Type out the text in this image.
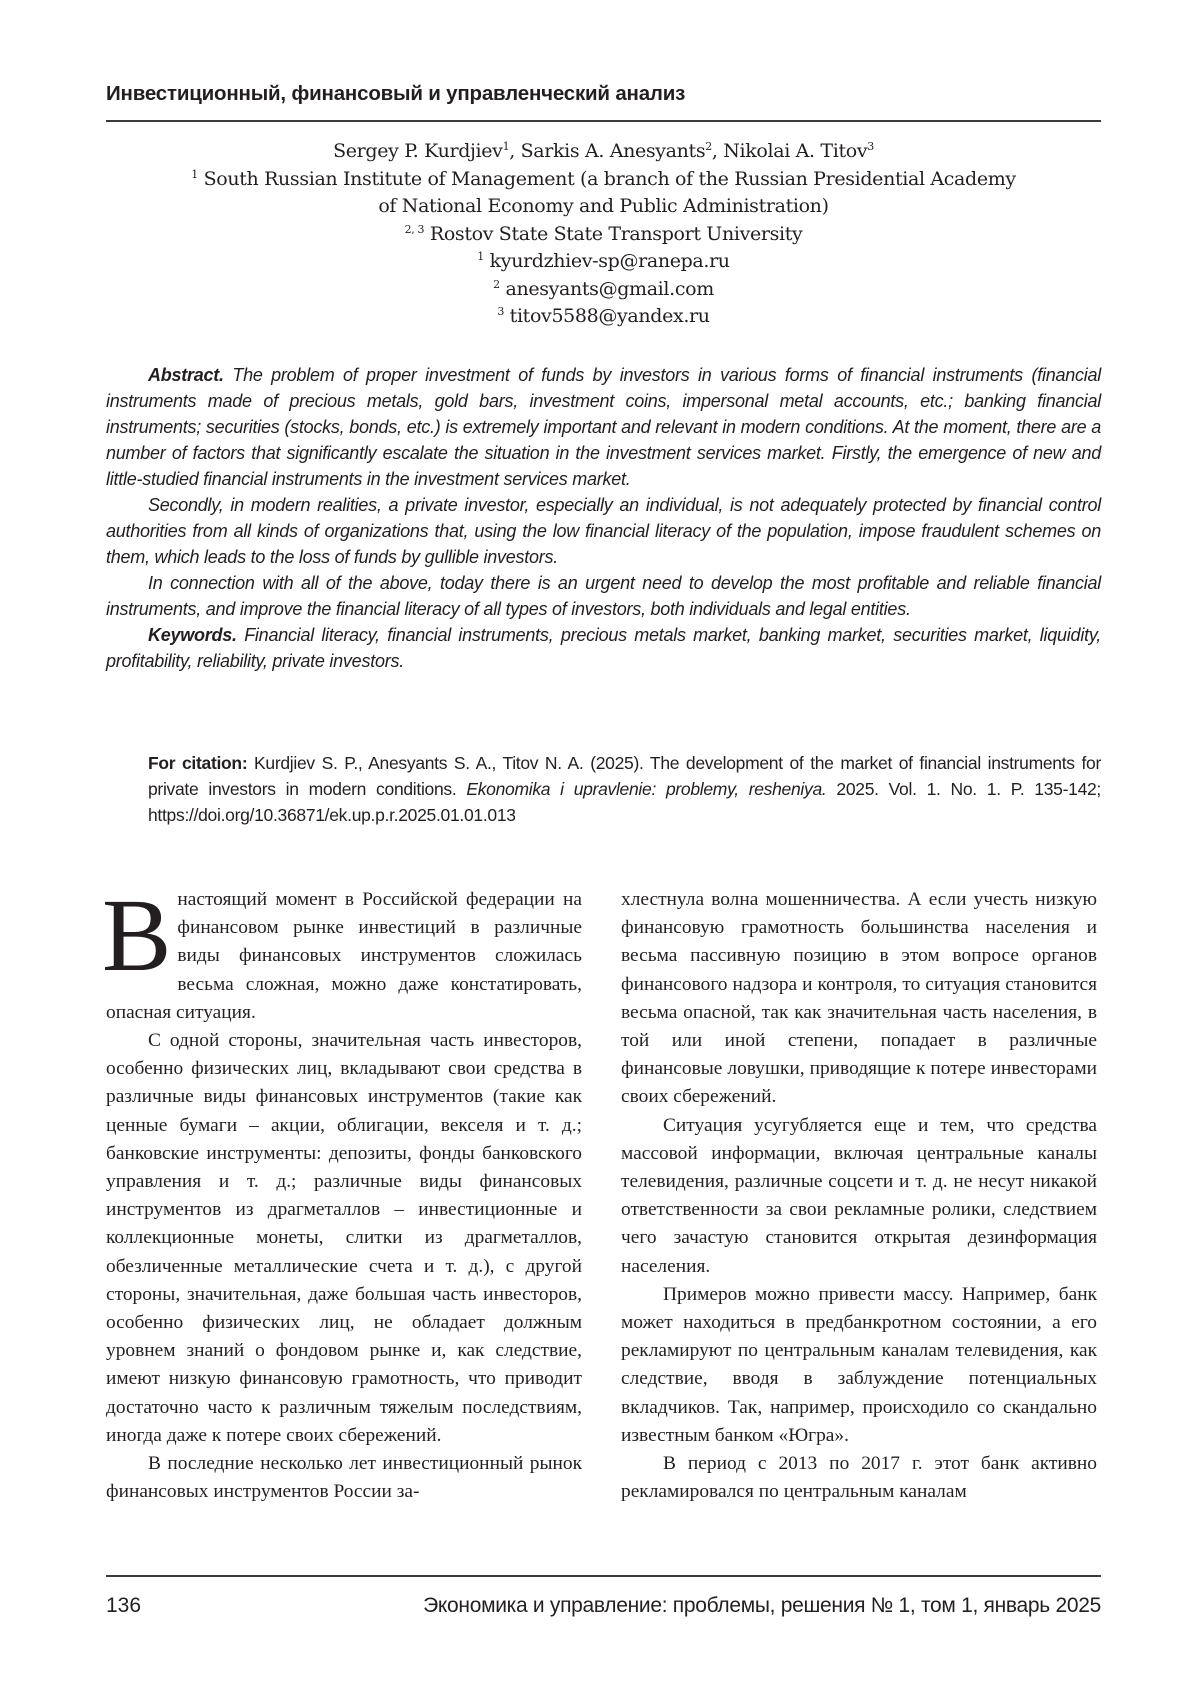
Инвестиционный, финансовый и управленческий анализ
Sergey P. Kurdjiev$^1$, Sarkis A. Anesyants$^2$, Nikolai A. Titov$^3$
$^1$ South Russian Institute of Management (a branch of the Russian Presidential Academy
of National Economy and Public Administration)
$^{2, 3}$ Rostov State State Transport University
$^1$ kyurdzhiev-sp@ranepa.ru
$^2$ anesyants@gmail.com
$^3$ titov5588@yandex.ru

Abstract. The problem of proper investment of funds by investors in various forms of financial instruments (financial instruments made of precious metals, gold bars, investment coins, impersonal metal accounts, etc.; banking financial instruments; securities (stocks, bonds, etc.) is extremely important and relevant in modern conditions. At the moment, there are a number of factors that significantly escalate the situation in the investment services market. Firstly, the emergence of new and little-studied financial instruments in the investment services market.

Secondly, in modern realities, a private investor, especially an individual, is not adequately protected by financial control authorities from all kinds of organizations that, using the low financial literacy of the population, impose fraudulent schemes on them, which leads to the loss of funds by gullible investors.

In connection with all of the above, today there is an urgent need to develop the most profitable and reliable financial instruments, and improve the financial literacy of all types of investors, both individuals and legal entities.

Keywords. Financial literacy, financial instruments, precious metals market, banking market, securities market, liquidity, profitability, reliability, private investors.

For citation: Kurdjiev S. P., Anesyants S. A., Titov N. A. (2025). The development of the market of financial instruments for private investors in modern conditions. Ekonomika i upravlenie: problemy, resheniya. 2025. Vol. 1. No. 1. P. 135-142; https://doi.org/10.36871/ek.up.p.r.2025.01.01.013

Внастоящий момент в Российской федерации на финансовом рынке инвестиций в различные виды финансовых инструментов сложилась весьма сложная, можно даже констатировать, опасная ситуация.

С одной стороны, значительная часть инвесторов, особенно физических лиц, вкладывают свои средства в различные виды финансовых инструментов (такие как ценные бумаги – акции, облигации, векселя и т. д.; банковские инструменты: депозиты, фонды банковского управления и т. д.; различные виды финансовых инструментов из драгметаллов – инвестиционные и коллекционные монеты, слитки из драгметаллов, обезличенные металлические счета и т. д.), с другой стороны, значительная, даже большая часть инвесторов, особенно физических лиц, не обладает должным уровнем знаний о фондовом рынке и, как следствие, имеют низкую финансовую грамотность, что приводит достаточно часто к различным тяжелым последствиям, иногда даже к потере своих сбережений.

В последние несколько лет инвестиционный рынок финансовых инструментов России за-

хлестнула волна мошенничества. А если учесть низкую финансовую грамотность большинства населения и весьма пассивную позицию в этом вопросе органов финансового надзора и контроля, то ситуация становится весьма опасной, так как значительная часть населения, в той или иной степени, попадает в различные финансовые ловушки, приводящие к потере инвесторами своих сбережений.

Ситуация усугубляется еще и тем, что средства массовой информации, включая центральные каналы телевидения, различные соцсети и т. д. не несут никакой ответственности за свои рекламные ролики, следствием чего зачастую становится открытая дезинформация населения.

Примеров можно привести массу. Например, банк может находиться в предбанкротном состоянии, а его рекламируют по центральным каналам телевидения, как следствие, вводя в заблуждение потенциальных вкладчиков. Так, например, происходило со скандально известным банком «Югра».

В период с 2013 по 2017 г. этот банк активно рекламировался по центральным каналам

136	Экономика и управление: проблемы, решения № 1, том 1, январь 2025
